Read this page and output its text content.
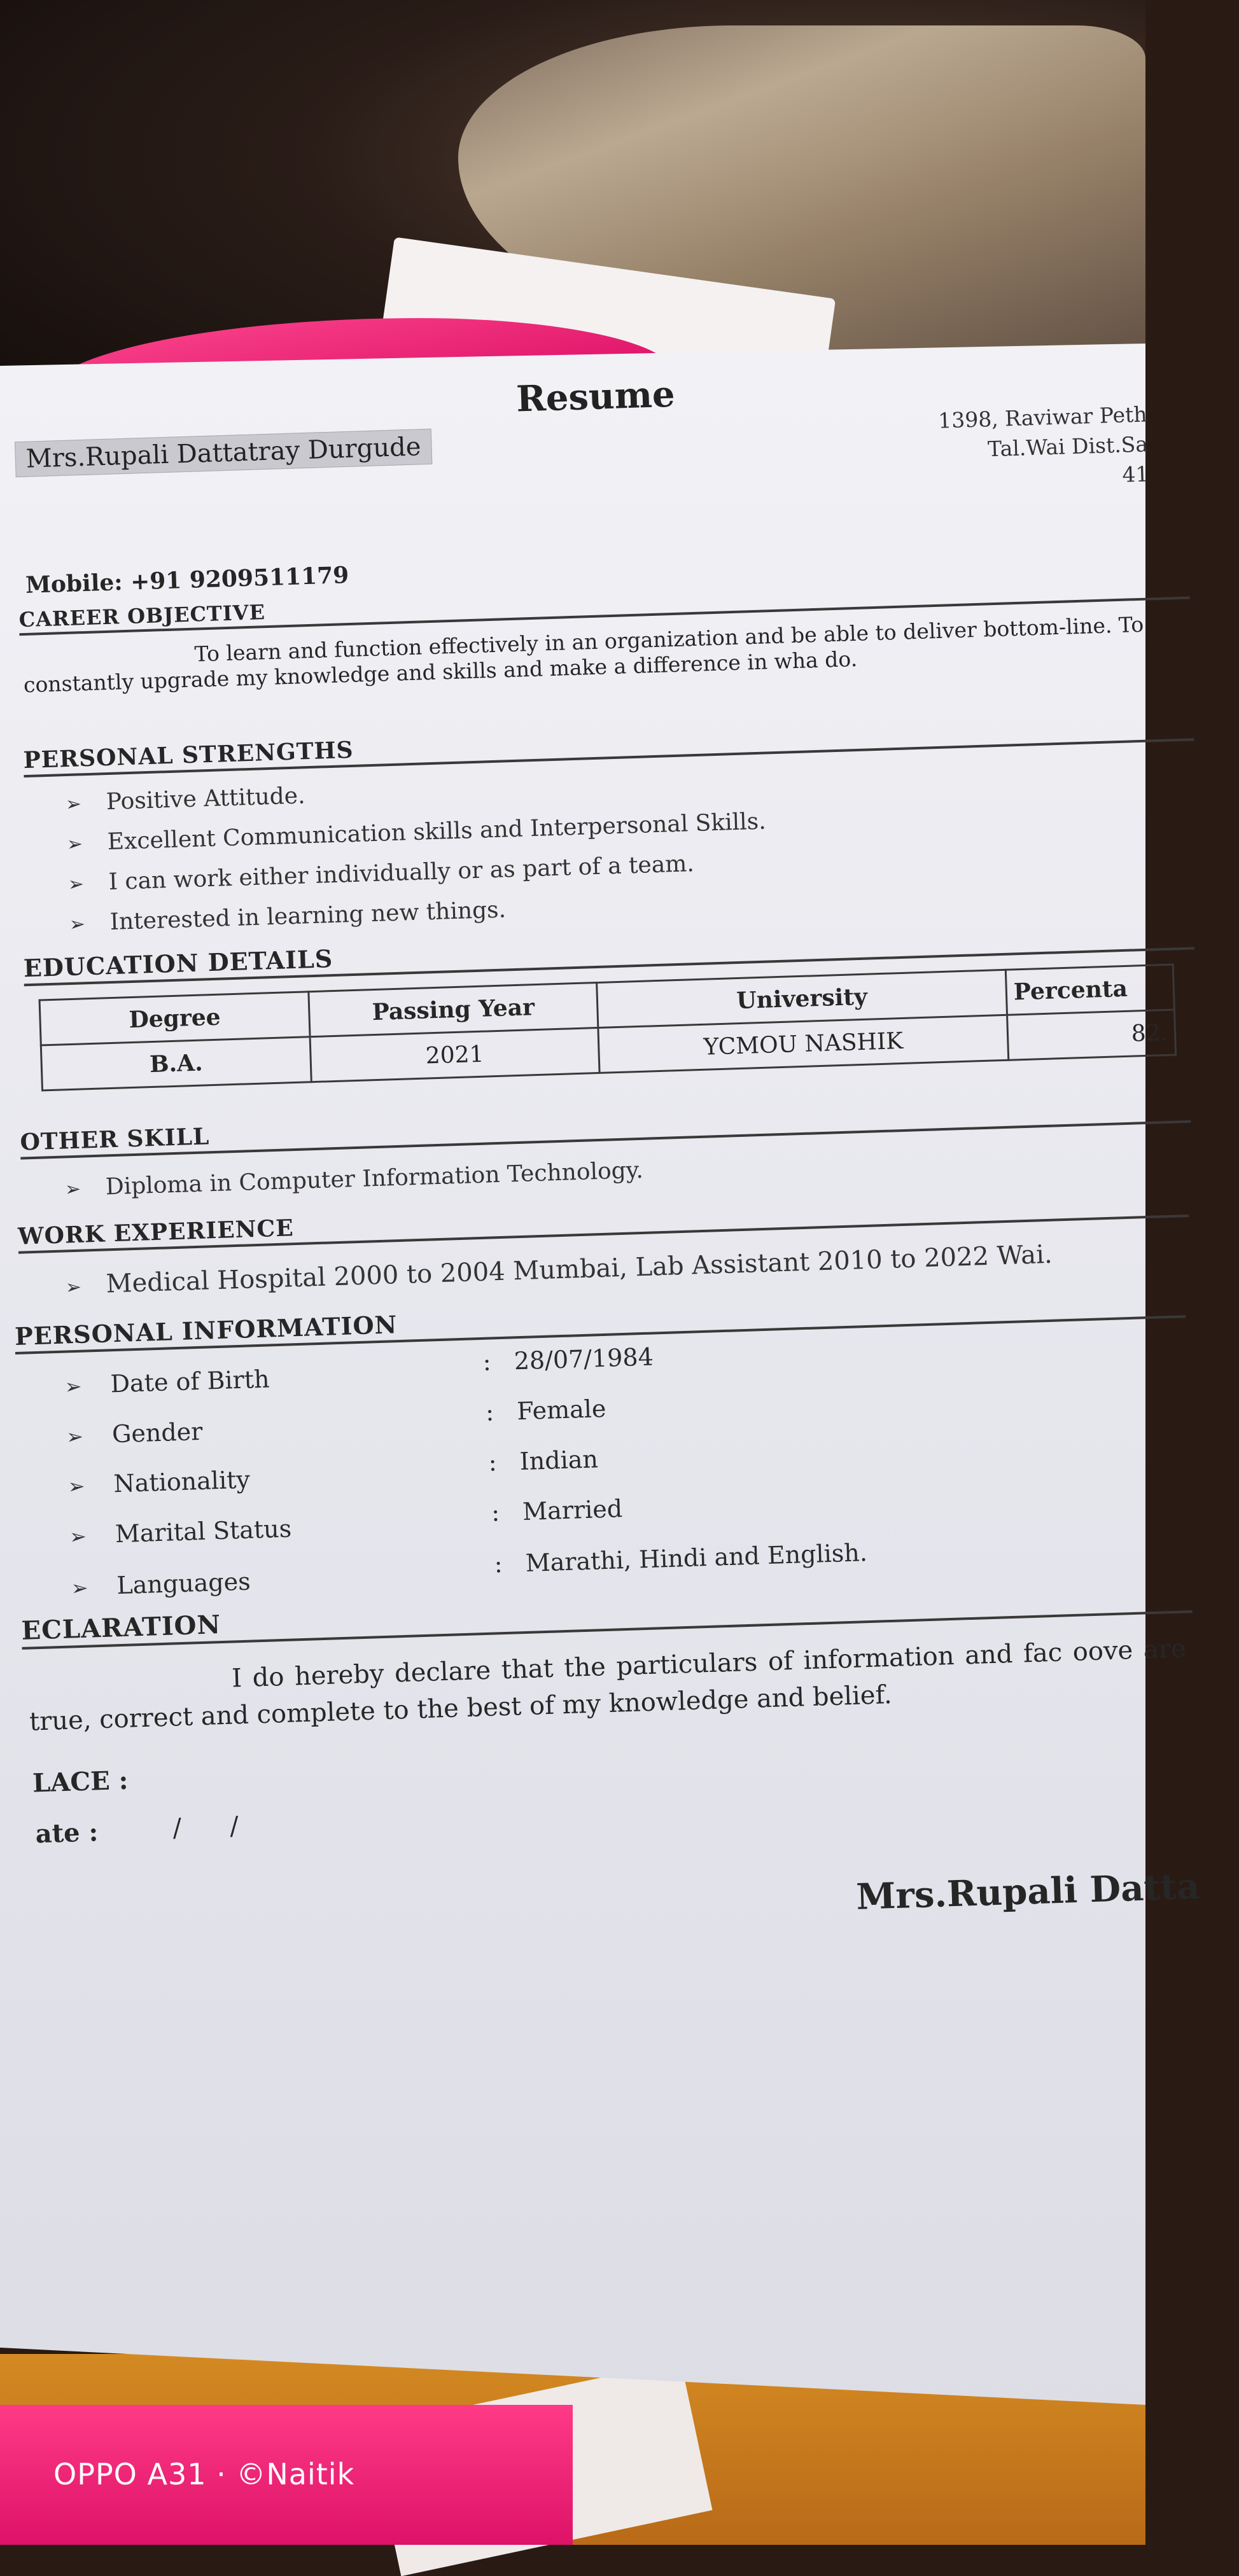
Resume
Mrs.Rupali Dattatray Durgude
1398, Raviwar Peth
Tal.Wai Dist.Sa
41
Mobile: +91 9209511179
CAREER OBJECTIVE
To learn and function effectively in an organization and be able to deliver bottom-line. To constantly upgrade my knowledge and skills and make a difference in wha do.
PERSONAL STRENGTHS
➢ Positive Attitude.
➢ Excellent Communication skills and Interpersonal Skills.
➢ I can work either individually or as part of a team.
➢ Interested in learning new things.
EDUCATION DETAILS
Degree	Passing Year	University	Percenta
B.A.	2021	YCMOU NASHIK	82.
OTHER SKILL
➢ Diploma in Computer Information Technology.
WORK EXPERIENCE
➢ Medical Hospital 2000 to 2004 Mumbai, Lab Assistant 2010 to 2022 Wai.
PERSONAL INFORMATION
➢ Date of Birth
: 28/07/1984
➢ Gender
: Female
➢ Nationality
: Indian
➢ Marital Status
: Married
➢ Languages
: Marathi, Hindi and English.
ECLARATION
I do hereby declare that the particulars of information and fac oove are true, correct and complete to the best of my knowledge and belief.
LACE :
ate :	/      /
Mrs.Rupali Datta
OPPO A31 · ©Naitik
